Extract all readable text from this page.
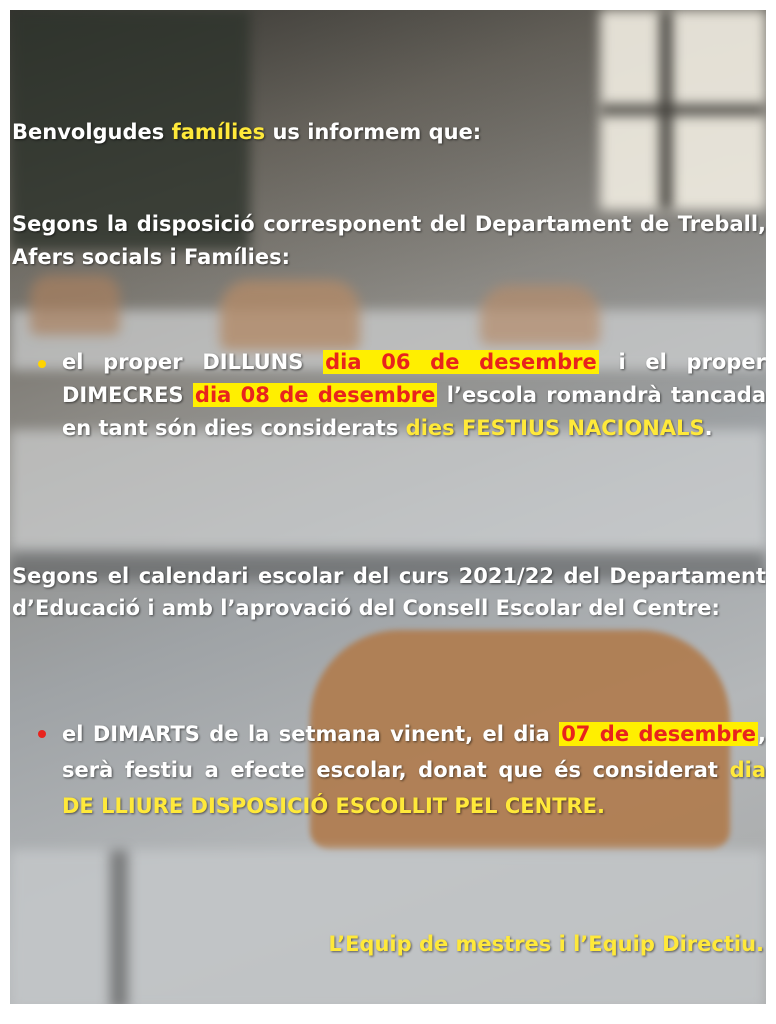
Benvolgudes famílies us informem que:
Segons la disposició corresponent del Departament de Treball, Afers socials i Famílies:
el proper DILLUNS dia 06 de desembre i el proper DIMECRES dia 08 de desembre l’escola romandrà tancada en tant són dies considerats dies FESTIUS NACIONALS.
Segons el calendari escolar del curs 2021/22 del Departament d’Educació i amb l’aprovació del Consell Escolar del Centre:
el DIMARTS de la setmana vinent, el dia 07 de desembre, serà festiu a efecte escolar, donat que és considerat dia DE LLIURE DISPOSICIÓ ESCOLLIT PEL CENTRE.
L’Equip de mestres i l’Equip Directiu.
